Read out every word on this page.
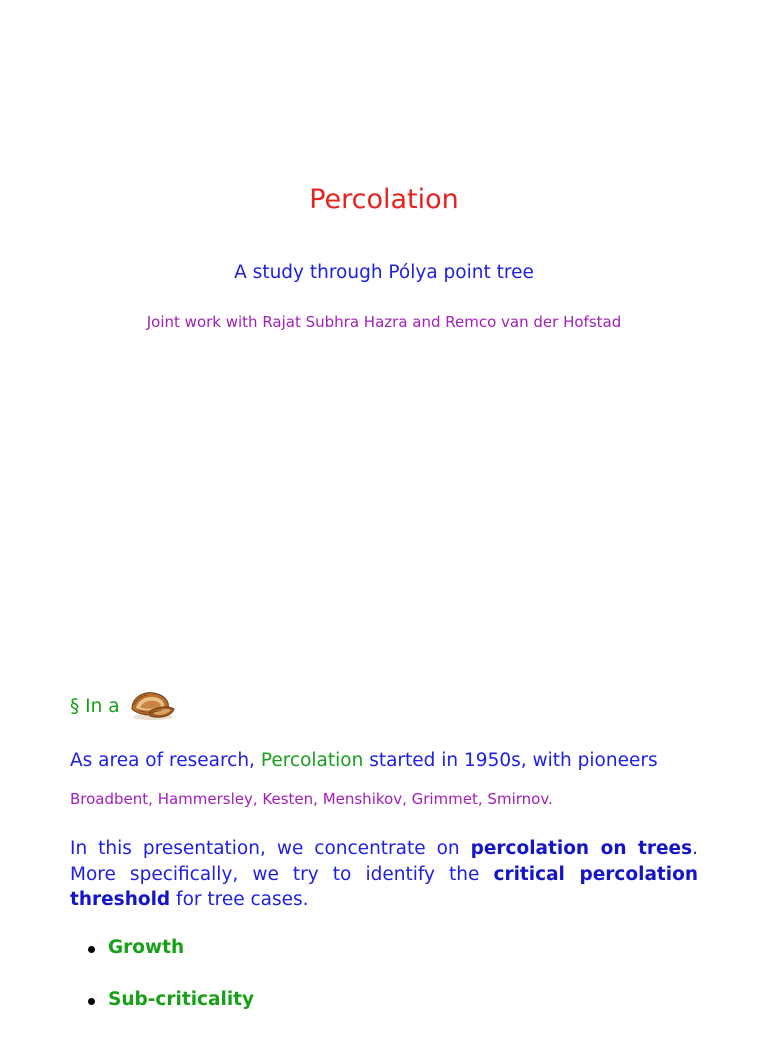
Percolation
A study through Pólya point tree
Joint work with Rajat Subhra Hazra and Remco van der Hofstad
§
In a
As area of research, Percolation started in 1950s, with pioneers
Broadbent, Hammersley, Kesten, Menshikov, Grimmet, Smirnov.
In this presentation, we concentrate on percolation on trees. More specifically, we try to identify the critical percolation threshold for tree cases.
Growth
Sub-criticality
